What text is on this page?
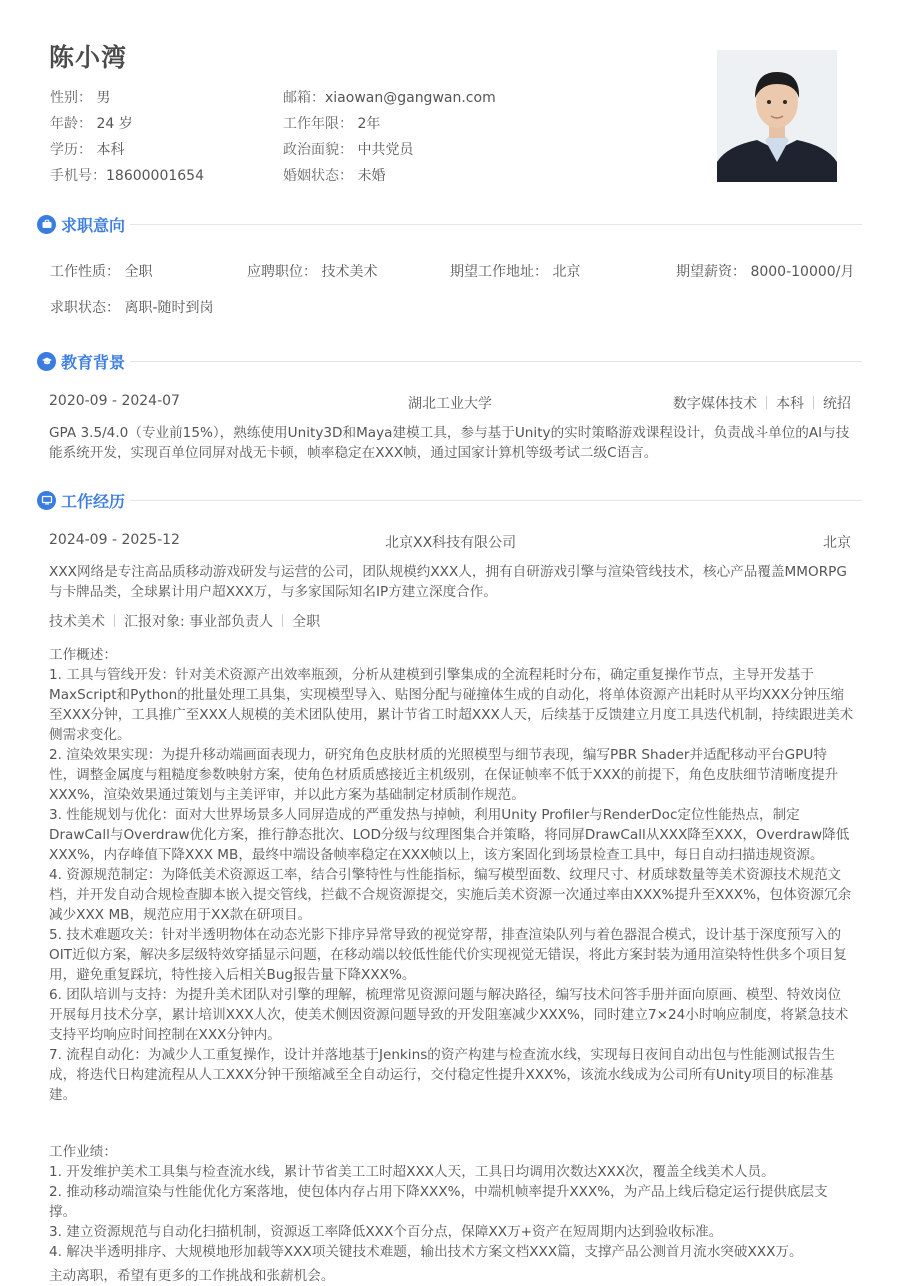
陈小湾
性别： 男
年龄： 24 岁
学历： 本科
手机号：18600001654
邮箱：xiaowan@gangwan.com
工作年限： 2年
政治面貌： 中共党员
婚姻状态： 未婚
求职意向
工作性质： 全职	应聘职位： 技术美术	期望工作地址： 北京	期望薪资： 8000-10000/月
求职状态： 离职-随时到岗
教育背景
2020-09 - 2024-07	湖北工业大学	数字媒体技术 本科 统招
GPA 3.5/4.0（专业前15%），熟练使用Unity3D和Maya建模工具，参与基于Unity的实时策略游戏课程设计，负责战斗单位的AI与技能系统开发，实现百单位同屏对战无卡顿，帧率稳定在XXX帧，通过国家计算机等级考试二级C语言。
工作经历
2024-09 - 2025-12	北京XX科技有限公司	北京
XXX网络是专注高品质移动游戏研发与运营的公司，团队规模约XXX人，拥有自研游戏引擎与渲染管线技术，核心产品覆盖MMORPG与卡牌品类，全球累计用户超XXX万，与多家国际知名IP方建立深度合作。
技术美术 汇报对象: 事业部负责人 全职
工作概述：
1. 工具与管线开发：针对美术资源产出效率瓶颈，分析从建模到引擎集成的全流程耗时分布，确定重复操作节点，主导开发基于MaxScript和Python的批量处理工具集，实现模型导入、贴图分配与碰撞体生成的自动化，将单体资源产出耗时从平均XXX分钟压缩至XXX分钟，工具推广至XXX人规模的美术团队使用，累计节省工时超XXX人天，后续基于反馈建立月度工具迭代机制，持续跟进美术侧需求变化。
2. 渲染效果实现：为提升移动端画面表现力，研究角色皮肤材质的光照模型与细节表现，编写PBR Shader并适配移动平台GPU特性，调整金属度与粗糙度参数映射方案，使角色材质质感接近主机级别，在保证帧率不低于XXX的前提下，角色皮肤细节清晰度提升XXX%，渲染效果通过策划与主美评审，并以此方案为基础制定材质制作规范。
3. 性能规划与优化：面对大世界场景多人同屏造成的严重发热与掉帧，利用Unity Profiler与RenderDoc定位性能热点，制定DrawCall与Overdraw优化方案，推行静态批次、LOD分级与纹理图集合并策略，将同屏DrawCall从XXX降至XXX，Overdraw降低XXX%，内存峰值下降XXX MB，最终中端设备帧率稳定在XXX帧以上，该方案固化到场景检查工具中，每日自动扫描违规资源。
4. 资源规范制定：为降低美术资源返工率，结合引擎特性与性能指标，编写模型面数、纹理尺寸、材质球数量等美术资源技术规范文档，并开发自动合规检查脚本嵌入提交管线，拦截不合规资源提交，实施后美术资源一次通过率由XXX%提升至XXX%，包体资源冗余减少XXX MB，规范应用于XX款在研项目。
5. 技术难题攻关：针对半透明物体在动态光影下排序异常导致的视觉穿帮，排查渲染队列与着色器混合模式，设计基于深度预写入的OIT近似方案，解决多层级特效穿插显示问题，在移动端以较低性能代价实现视觉无错误，将此方案封装为通用渲染特性供多个项目复用，避免重复踩坑，特性接入后相关Bug报告量下降XXX%。
6. 团队培训与支持：为提升美术团队对引擎的理解，梳理常见资源问题与解决路径，编写技术问答手册并面向原画、模型、特效岗位开展每月技术分享，累计培训XXX人次，使美术侧因资源问题导致的开发阻塞减少XXX%，同时建立7×24小时响应制度，将紧急技术支持平均响应时间控制在XXX分钟内。
7. 流程自动化：为减少人工重复操作，设计并落地基于Jenkins的资产构建与检查流水线，实现每日夜间自动出包与性能测试报告生成，将迭代日构建流程从人工XXX分钟干预缩减至全自动运行，交付稳定性提升XXX%，该流水线成为公司所有Unity项目的标准基建。
工作业绩：
1. 开发维护美术工具集与检查流水线，累计节省美工工时超XXX人天，工具日均调用次数达XXX次，覆盖全线美术人员。
2. 推动移动端渲染与性能优化方案落地，使包体内存占用下降XXX%，中端机帧率提升XXX%，为产品上线后稳定运行提供底层支撑。
3. 建立资源规范与自动化扫描机制，资源返工率降低XXX个百分点，保障XX万+资产在短周期内达到验收标准。
4. 解决半透明排序、大规模地形加载等XXX项关键技术难题，输出技术方案文档XXX篇，支撑产品公测首月流水突破XXX万。
主动离职，希望有更多的工作挑战和张薪机会。
